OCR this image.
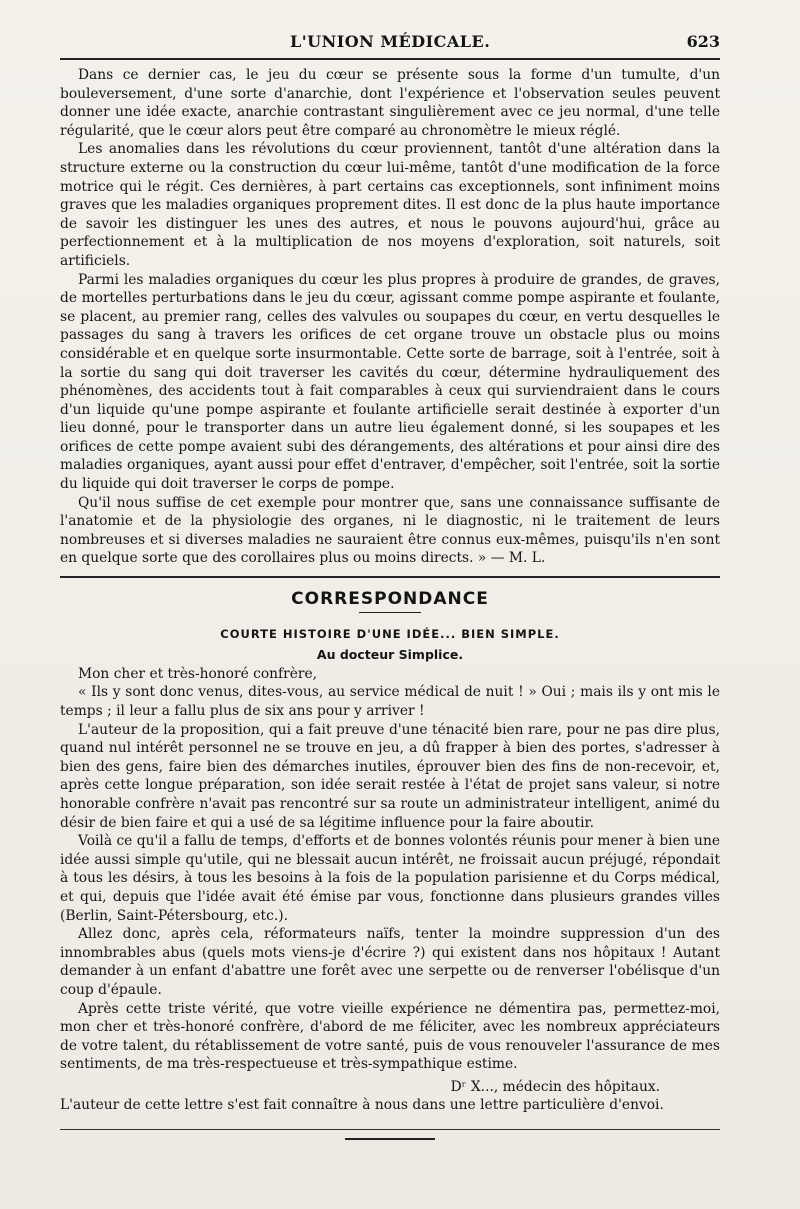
L'UNION MÉDICALE.	623

Dans ce dernier cas, le jeu du cœur se présente sous la forme d'un tumulte, d'un bouleversement, d'une sorte d'anarchie, dont l'expérience et l'observation seules peuvent donner une idée exacte, anarchie contrastant singulièrement avec ce jeu normal, d'une telle régularité, que le cœur alors peut être comparé au chronomètre le mieux réglé.

Les anomalies dans les révolutions du cœur proviennent, tantôt d'une altération dans la structure externe ou la construction du cœur lui-même, tantôt d'une modification de la force motrice qui le régit. Ces dernières, à part certains cas exceptionnels, sont infiniment moins graves que les maladies organiques proprement dites. Il est donc de la plus haute importance de savoir les distinguer les unes des autres, et nous le pouvons aujourd'hui, grâce au perfectionnement et à la multiplication de nos moyens d'exploration, soit naturels, soit artificiels.

Parmi les maladies organiques du cœur les plus propres à produire de grandes, de graves, de mortelles perturbations dans le jeu du cœur, agissant comme pompe aspirante et foulante, se placent, au premier rang, celles des valvules ou soupapes du cœur, en vertu desquelles le passages du sang à travers les orifices de cet organe trouve un obstacle plus ou moins considérable et en quelque sorte insurmontable. Cette sorte de barrage, soit à l'entrée, soit à la sortie du sang qui doit traverser les cavités du cœur, détermine hydrauliquement des phénomènes, des accidents tout à fait comparables à ceux qui surviendraient dans le cours d'un liquide qu'une pompe aspirante et foulante artificielle serait destinée à exporter d'un lieu donné, pour le transporter dans un autre lieu également donné, si les soupapes et les orifices de cette pompe avaient subi des dérangements, des altérations et pour ainsi dire des maladies organiques, ayant aussi pour effet d'entraver, d'empêcher, soit l'entrée, soit la sortie du liquide qui doit traverser le corps de pompe.

Qu'il nous suffise de cet exemple pour montrer que, sans une connaissance suffisante de l'anatomie et de la physiologie des organes, ni le diagnostic, ni le traitement de leurs nombreuses et si diverses maladies ne sauraient être connus eux-mêmes, puisqu'ils n'en sont en quelque sorte que des corollaires plus ou moins directs. » — M. L.

CORRESPONDANCE
COURTE HISTOIRE D'UNE IDÉE... BIEN SIMPLE.
Au docteur Simplice.

Mon cher et très-honoré confrère,

« Ils y sont donc venus, dites-vous, au service médical de nuit ! » Oui ; mais ils y ont mis le temps ; il leur a fallu plus de six ans pour y arriver !

L'auteur de la proposition, qui a fait preuve d'une ténacité bien rare, pour ne pas dire plus, quand nul intérêt personnel ne se trouve en jeu, a dû frapper à bien des portes, s'adresser à bien des gens, faire bien des démarches inutiles, éprouver bien des fins de non-recevoir, et, après cette longue préparation, son idée serait restée à l'état de projet sans valeur, si notre honorable confrère n'avait pas rencontré sur sa route un administrateur intelligent, animé du désir de bien faire et qui a usé de sa légitime influence pour la faire aboutir.

Voilà ce qu'il a fallu de temps, d'efforts et de bonnes volontés réunis pour mener à bien une idée aussi simple qu'utile, qui ne blessait aucun intérêt, ne froissait aucun préjugé, répondait à tous les désirs, à tous les besoins à la fois de la population parisienne et du Corps médical, et qui, depuis que l'idée avait été émise par vous, fonctionne dans plusieurs grandes villes (Berlin, Saint-Pétersbourg, etc.).

Allez donc, après cela, réformateurs naïfs, tenter la moindre suppression d'un des innombrables abus (quels mots viens-je d'écrire ?) qui existent dans nos hôpitaux ! Autant demander à un enfant d'abattre une forêt avec une serpette ou de renverser l'obélisque d'un coup d'épaule.

Après cette triste vérité, que votre vieille expérience ne démentira pas, permettez-moi, mon cher et très-honoré confrère, d'abord de me féliciter, avec les nombreux appréciateurs de votre talent, du rétablissement de votre santé, puis de vous renouveler l'assurance de mes sentiments, de ma très-respectueuse et très-sympathique estime.

Dʳ X..., médecin des hôpitaux.

L'auteur de cette lettre s'est fait connaître à nous dans une lettre particulière d'envoi.
